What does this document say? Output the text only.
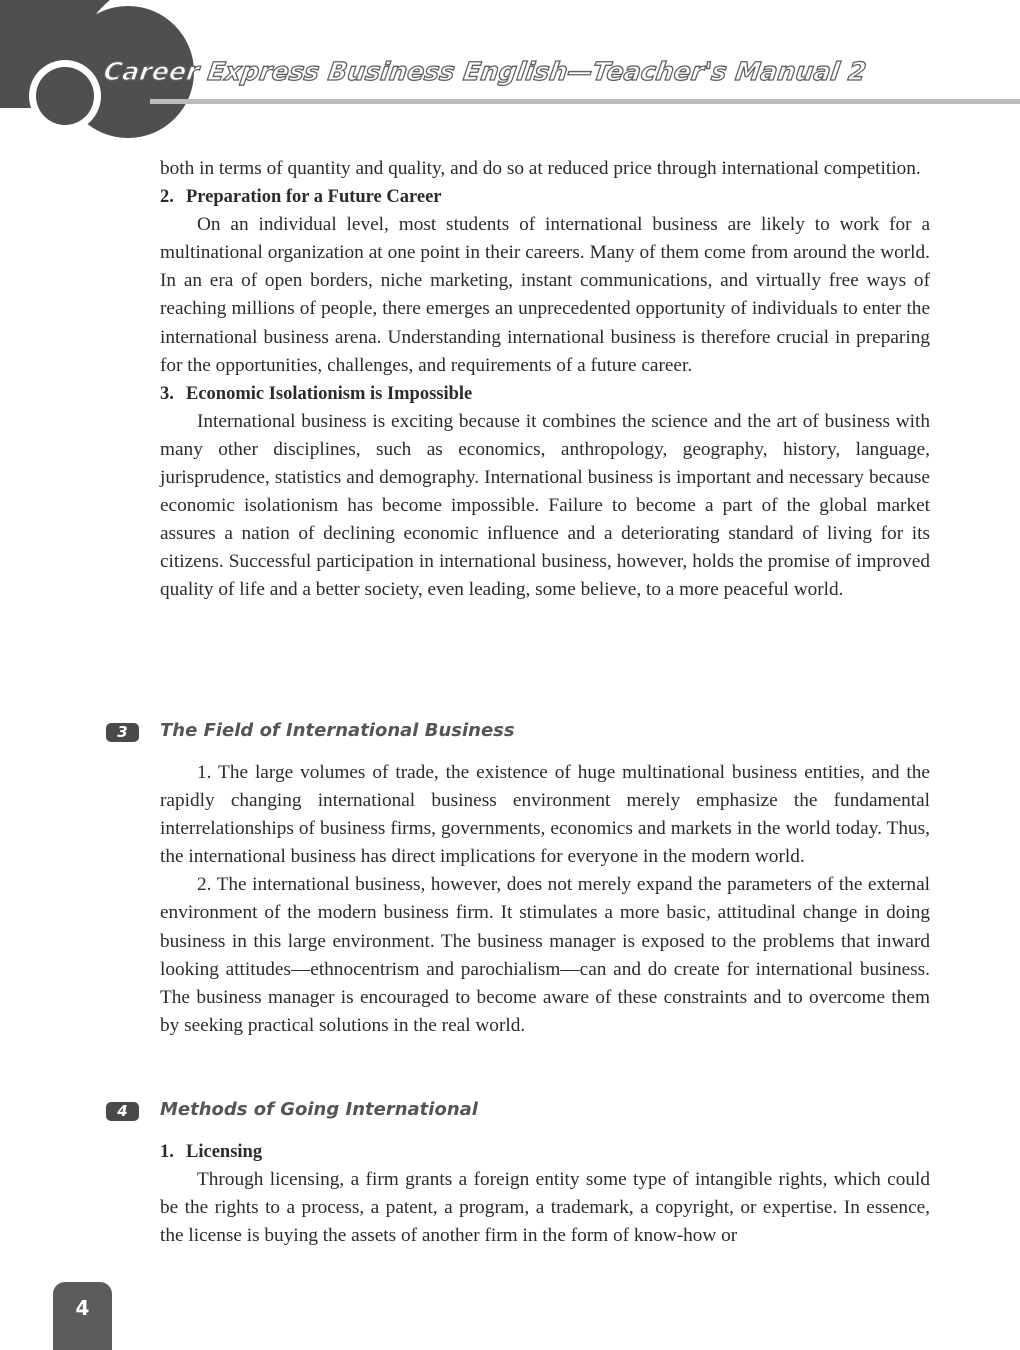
Career Express Business English—Teacher's Manual 2

both in terms of quantity and quality, and do so at reduced price through international competition.

2. Preparation for a Future Career

On an individual level, most students of international business are likely to work for a multinational organization at one point in their careers. Many of them come from around the world. In an era of open borders, niche marketing, instant communications, and virtually free ways of reaching millions of people, there emerges an unprecedented opportunity of individuals to enter the international business arena. Understanding international business is therefore crucial in preparing for the opportunities, challenges, and requirements of a future career.

3. Economic Isolationism is Impossible

International business is exciting because it combines the science and the art of business with many other disciplines, such as economics, anthropology, geography, history, language, jurisprudence, statistics and demography. International business is important and necessary because economic isolationism has become impossible. Failure to become a part of the global market assures a nation of declining economic influence and a deteriorating standard of living for its citizens. Successful participation in international business, however, holds the promise of improved quality of life and a better society, even leading, some believe, to a more peaceful world.

3	The Field of International Business

1. The large volumes of trade, the existence of huge multinational business entities, and the rapidly changing international business environment merely emphasize the fundamental interrelationships of business firms, governments, economics and markets in the world today. Thus, the international business has direct implications for everyone in the modern world.

2. The international business, however, does not merely expand the parameters of the external environment of the modern business firm. It stimulates a more basic, attitudinal change in doing business in this large environment. The business manager is exposed to the problems that inward looking attitudes—ethnocentrism and parochialism—can and do create for international business. The business manager is encouraged to become aware of these constraints and to overcome them by seeking practical solutions in the real world.

4	Methods of Going International
1. Licensing

Through licensing, a firm grants a foreign entity some type of intangible rights, which could be the rights to a process, a patent, a program, a trademark, a copyright, or expertise. In essence, the license is buying the assets of another firm in the form of know-how or

4
